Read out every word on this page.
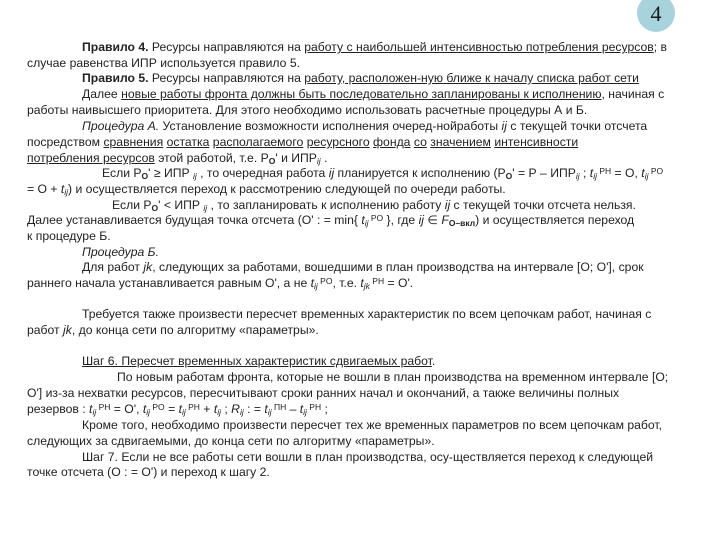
4
Правило 4. Ресурсы направляются на работу с наибольшей интенсивностью потребления ресурсов; в
случае равенства ИПР используется правило 5.
Правило 5. Ресурсы направляются на работу, расположен-ную ближе к началу списка работ сети
Далее новые работы фронта должны быть последовательно запланированы к исполнению, начиная с
работы наивысшего приоритета. Для этого необходимо использовать расчетные процедуры А и Б.
Процедура А. Установление возможности исполнения очеред-нойработы ij с текущей точки отсчета
посредством сравнения остатка располагаемого ресурсного фонда со значением интенсивности
потребления ресурсов этой работой, т.е. РO' и $ИПР_{ij}$ .
Если РO' ≥ ИПР $_{ij}$ , то очередная работа ij планируется к исполнению ($РO' = Р - ИПР_{ij}$ ; $t_{ij}$ $^{PH}$ = O, $t_{ij}$ $^{PO}$
= $O + t_{ij}$) и осуществляется переход к рассмотрению следующей по очереди работы.
Если РO' < ИПР $_{ij}$ , то запланировать к исполнению работу ij с текущей точки отсчета нельзя.
Далее устанавливается будущая точка отсчета (O' : = min{ $t_{ij}$ $^{PO}$ }, где ij ∈ FO–вкл) и осуществляется переход
к процедуре Б.
Процедура Б.
Для работ jk, следующих за работами, вошедшими в план производства на интервале [O; O'], срок
раннего начала устанавливается равным O', а не $t_{ij}$ $^{PO}$, т.е. $t_{jk}$ $^{PH}$ = O'.
Требуется также произвести пересчет временных характеристик по всем цепочкам работ, начиная с
работ jk, до конца сети по алгоритму «параметры».
Шаг 6. Пересчет временных характеристик сдвигаемых работ.
По новым работам фронта, которые не вошли в план производства на временном интервале [O;
O'] из-за нехватки ресурсов, пересчитывают сроки ранних начал и окончаний, а также величины полных
резервов : $t_{ij}$ $^{PH}$ = O', $t_{ij}$ $^{PO} = t_{ij}$ $^{PH} + t_{ij}$ ; $R_{ij}$ : = $t_{ij}$ $^{ПН} - t_{ij}$ $^{PH}$ ;
Кроме того, необходимо произвести пересчет тех же временных параметров по всем цепочкам работ,
следующих за сдвигаемыми, до конца сети по алгоритму «параметры».
Шаг 7. Если не все работы сети вошли в план производства, осу-ществляется переход к следующей
точке отсчета (O : = O') и переход к шагу 2.
